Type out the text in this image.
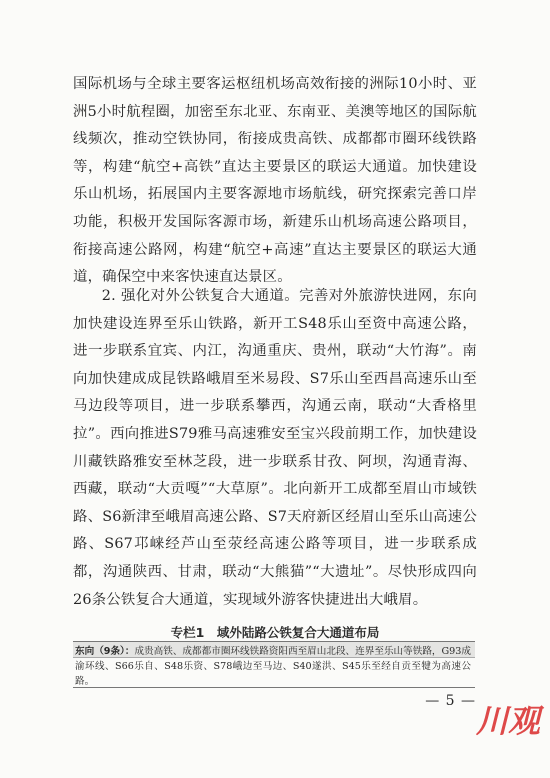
国际机场与全球主要客运枢纽机场高效衔接的洲际10小时、亚洲5小时航程圈，加密至东北亚、东南亚、美澳等地区的国际航线频次，推动空铁协同，衔接成贵高铁、成都都市圈环线铁路等，构建“航空+高铁”直达主要景区的联运大通道。加快建设乐山机场，拓展国内主要客源地市场航线，研究探索完善口岸功能，积极开发国际客源市场，新建乐山机场高速公路项目，衔接高速公路网，构建“航空+高速”直达主要景区的联运大通道，确保空中来客快速直达景区。

2. 强化对外公铁复合大通道。完善对外旅游快进网，东向加快建设连界至乐山铁路，新开工S48乐山至资中高速公路，进一步联系宜宾、内江，沟通重庆、贵州，联动“大竹海”。南向加快建成成昆铁路峨眉至米易段、S7乐山至西昌高速乐山至马边段等项目，进一步联系攀西，沟通云南，联动“大香格里拉”。西向推进S79雅马高速雅安至宝兴段前期工作，加快建设川藏铁路雅安至林芝段，进一步联系甘孜、阿坝，沟通青海、西藏，联动“大贡嘎”“大草原”。北向新开工成都至眉山市域铁路、S6新津至峨眉高速公路、S7天府新区经眉山至乐山高速公路、S67邛崃经芦山至荥经高速公路等项目，进一步联系成都，沟通陕西、甘肃，联动“大熊猫”“大遗址”。尽快形成四向26条公铁复合大通道，实现域外游客快捷进出大峨眉。

专栏1　域外陆路公铁复合大通道布局

东向（9条）：成贵高铁、成都都市圈环线铁路资阳西至眉山北段、连界至乐山等铁路，G93成渝环线、S66乐自、S48乐资、S78峨边至马边、S40遂洪、S45乐至经自贡至犍为高速公路。

— 5 —
川观
